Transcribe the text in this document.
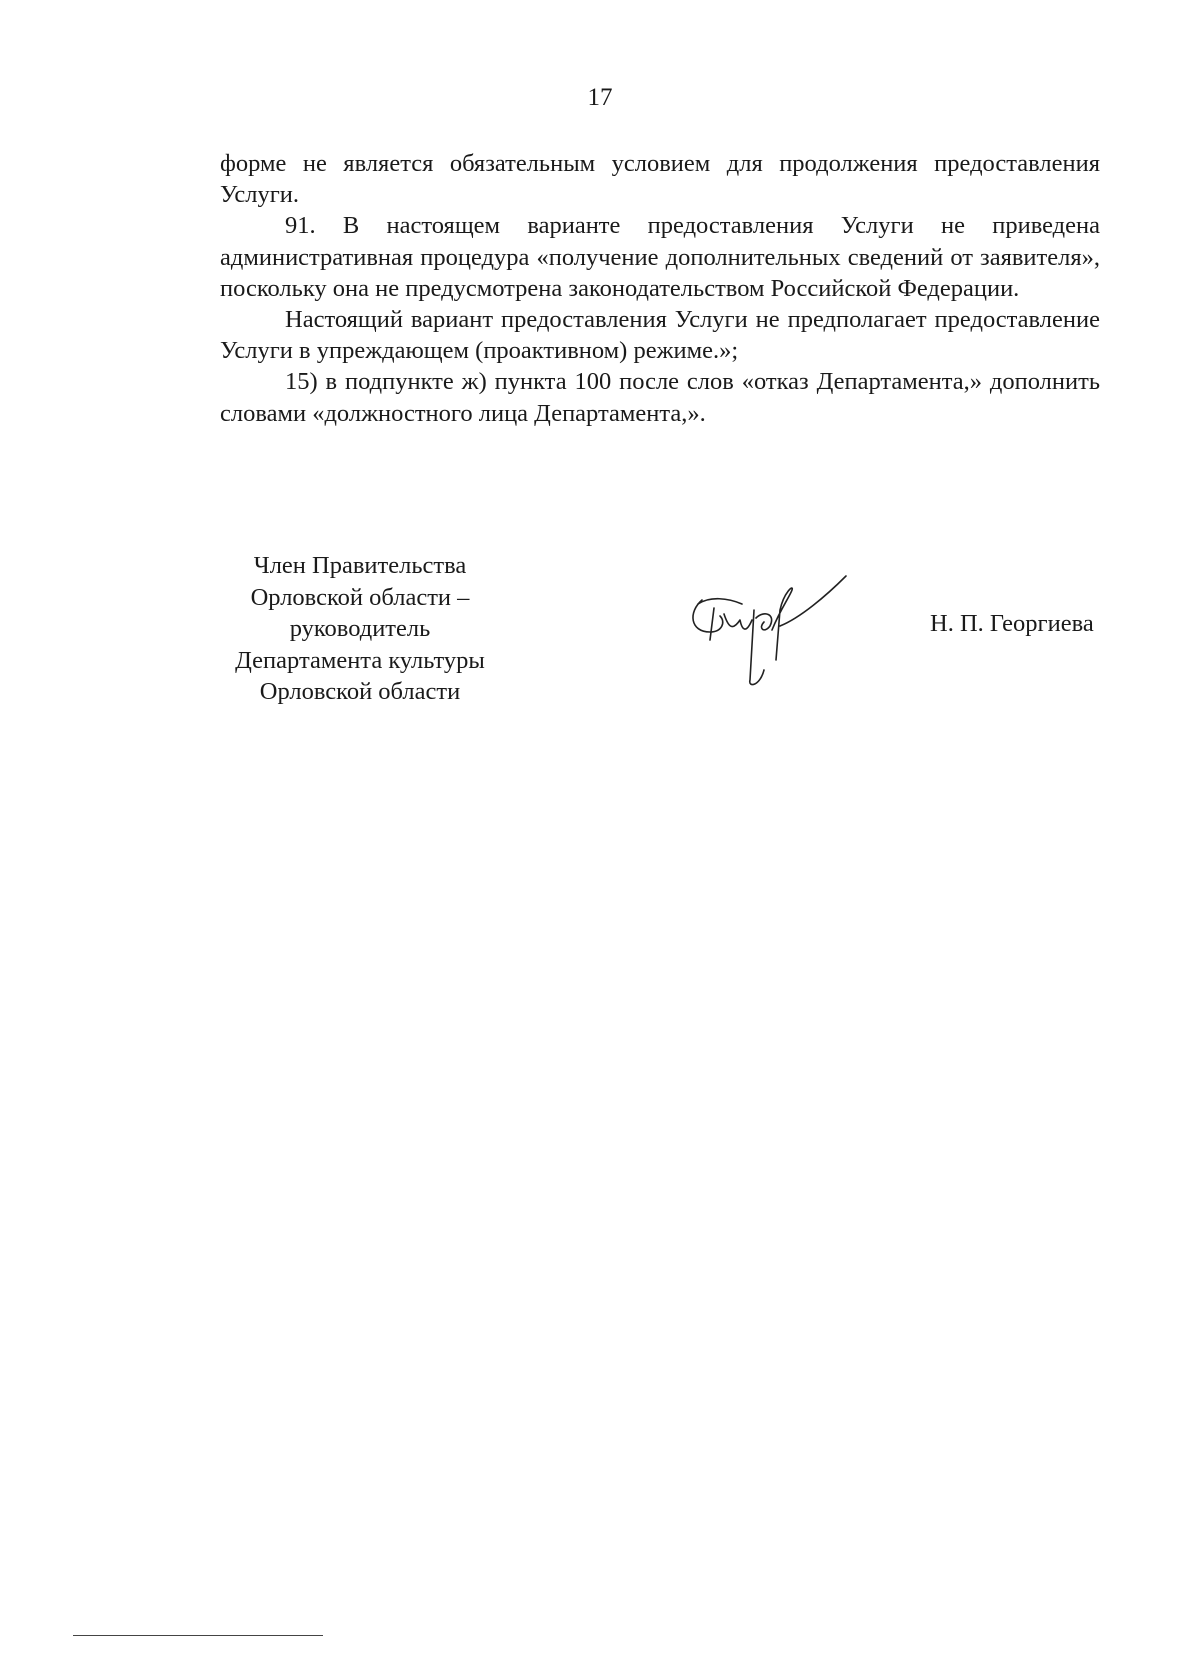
17

форме не является обязательным условием для продолжения предоставления Услуги.

91. В настоящем варианте предоставления Услуги не приведена административная процедура «получение дополнительных сведений от заявителя», поскольку она не предусмотрена законодательством Российской Федерации.

Настоящий вариант предоставления Услуги не предполагает предоставление Услуги в упреждающем (проактивном) режиме.»;

15) в подпункте ж) пункта 100 после слов «отказ Департамента,» дополнить словами «должностного лица Департамента,».

Член Правительства
Орловской области –
руководитель
Департамента культуры
Орловской области
Н. П. Георгиева
